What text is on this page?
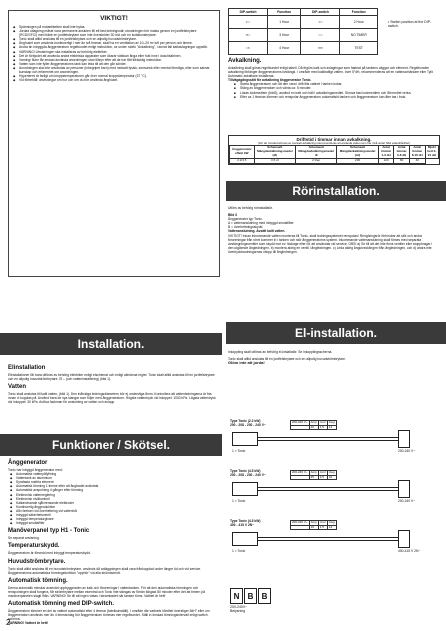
VIKTIGT!
◆ Spänningen på motaetiketten skall inte bytas.
◆ Jordad uttagning måste vara permanent ansluten till ett fast ledningsnät; utrustningen bör matas genom en jordfelsbrytare (RCD/GFCI) med både en jordfelsbrytare som inte överskrider 30 mA och en isolationsbrytare.
◆ Tonic skall alltid anslutas till en jordfelsbrytare och en allpolig huvudströmbrytare.
◆ Ånghuset som används kontinuerligt i mer än två timmar, skall ha en ventilation av 10–20 m³ luft per person och timme.
◆ Andra än inbyggda ånggeneratorn regelbundet enligt instruktion, se under rubrik "Avkalkning", i annat fall kalkavlagringar uppstår.
◆ VARNING! Utrustningen ska installeras av behörig elektriker.
◆ Det är förbjudet att använda andra elektriska apparater som ökarar vätskan ånga eller fukt inne i duschkabinen.
◆ Varning! Barn får endast använda anordningen utan tillsyn efter att de har fått tillräcklig instruktion.
◆ Vatten som inte fyller ånggeneratorns tank kan leda till att den går sönder.
◆ Anordningen ska inte användas av personer (inbegripet barn) med nedsatt fysisk, sensorisk eller mental förmåga, eller som saknar kunskap och erfarenhet om anordningen.
◆ Hypertermi är farligt om kroppstemperaturen går över normal kroppstemperatur (37 °C).
◆ Vid förbehåll: anvisningar om hur och om du bör använda ånghuset.
Installation.
Elinstallation

Elinstallationer får bara utföras av behörig elektriker enligt elschemat och enligt allmänna regler. Tonic skall alltid anslutas till en jordfelsbrytare och en allpolig huvudströmbrytare. El – (och vatteninstallering) (bild 1).

Vatten

Tonic skall anslutas till kallt vatten, (bild 1). Den inåtvidga ledningsdiametern bör ej understiga 8mm. Kontrollera att vattenledningarna är fria innan vi kopplas på. Använd bara de nya slangar som följer med ånggeneratorn. Högsta vattentryck vid inkoppel: 1000 kPa. Lägsta vattentryck vid inkoppel: 30 kPa. Avlöva fackman för anslutning av vatten och avlopp.

Funktioner / Skötsel.
Ånggenerator

Tonic har inbyggd ånggenerator med:

◆ Automatisk vattenpåfyllning
◆ Vattentank av aluminium
◆ Syrafasta rostfria element
◆ Automatisk tömning 1 timme efter att ångbadet avslutats
◆ Automatisk avspolning 4 gånger efter tömning
◆ Elektronisk vattenreglering
◆ Elektronisk nivåkontroll
◆ Kalkavvisande sjålvrensande elektroder
◆ Kontinuerlig ångproduktion
◆ Allt rörelsen vid överhettning vid vattenivå
◆ Inbyggd säkerhetsventil
◆ Inbyggd temperaturgivare
◆ Inbyggd smultafilter
Manöverpanel typ H1 - Tonic

Se separat anvisning.

Temperaturskydd.

Ånggeneratorn är försedd med inbyggt temperaturskydd.

Huvudströmbrytare.

Tonic skall alltid anslutas till en huvudströmbrytare, används då anläggningen skall vara frånkopplad under längre tid och vid service. Ånggeneratorns automatiska tömningsfunktion "upphör" vid alla strömavbrott.

Automatisk tömning.

Denna automatik minskar avsevärt uppbyggnaden av kalk och föroreningar i vattentanken. För att den automatiska tömningen och renspolningen skall fungera, får strömbrytare mellan elcentral och Tonic inte stängas av förrän tidigast 80 minuter efter det att timern på manöverpanelen slagit ifrån. VARNING! Se till att ingen vistas i steambadet när tanken töms. Vattnet är hett!

Automatisk tömning med DIP-switch.

Ånggeneratorn tömmer en del av vattnet automatiskt efter 4 timmar (fabriksinställt). I område där vattnets hårdhet överstiger 5dH° eller om ånggeneratorn används mer än 4 timmar/dag bör ånggeneratorn tömmas mer regelbundet. Ställ in önskad tömningsintervall enligt switch schema.

VARNING! Vattnet är hett!

2
DIP-switch	Function	DIP-switch	Function
▪▫▫▫	1 Hour	▫▪▫▫	2 Hour
▪▪▫▫	3 Hour	▫▫▫▫	NO TIMER
▫▫▪▫	4 Hour	▪▪▪▪	TEST
• Switch position at the DIP-switch.
Avkalkning.

Avkalkning skall göras regelbundet enligt tabell. Då frigörs kalk och avlagringar som fastnat på tankens väggar och element. Regelbunden avkalkning förlänger ånggeneratorns livslängd. I område med kalkhaltigt vatten, över 5°dH, rekommenderas att en vattenavhärdare eller Tylö Automatic avkalkare installeras.

Tillvägagångssätt för avkalkning ånggenerator Tonic.

■ Starta ånggeneratorn och låt den vara i drift tills vattnet i tanken kokar.
■ Stäng av ånggeneratorn och vänta ca: 5 minuter.
■ Lösas lockmedlem (bild2), använd en tratt och häll i avkalkningsmedlet. Skruva fast lockmedlem och låt medlet verka.
■ Efter ca 1 timmas tömmer och renspolar ånggeneratorn automatiskt tanken och ånggeneratorn kan åter tas i bruk.
Driftstid i timmar innan avkalkning.
(För att minska behovet av manuell avkalkning rekommenderas att använda vatten som har nivå under 5dH vattenhårdhet)
Ånggenerator effekt kW	Schemaett Mängdavkalkningsmedel (dl)	Schemaett Mängdavkalkningsmedel dl	Schemaett Mängdavkalkningsmedel (ml)	Antal timmar 1-3 dH	Antal timmar 3-8 dH	Antal timmar 8-16 dH	Mjukt hett 0-24 dH
2.2/4.5	0,5 dl	2 Rep	200	120	80	40	
Rörinstallation.

Utförs av behörig rörinstallatör.

Bild 3

Ånggenerator typ Tonic.

A = vattenanslutning med inbyggd smutsfilter.

B = överhettningsskydd.

Vattenanslutning. Avsätt kallt vatten.

VIKTIGT! Innan inkommande vatten monteras till Tonic, skall ledningssystemet renspolas! Rengöringsrör förhindrar att stöt och andra föroreningar från röret kommer in i tanken och stör ånggeneratorns system. Inkommande vattenanslutning skall förses med separata avstängningsventiler som skydd mot ev. läckage eller för att användas vid service. OBS! a) Se till att det inte finns ventiler eller stoppkragar i den utgående ångledningen. b) montera aldrig en ventil i ångledningen. c) Leda aldrig ångutvecklingen från ångledningen, och d) andra inte överhyckbautningarnas utlopp till ångledningen.

El-installation.

Inkoppling skall utföras av behörig el-installatör. Se inkopplingsscherna.

Tonic skall alltid anslutas till en jordfelsbrytare och en allpolig huvudströmbrytare.

Glöm inte att jorda!

Type Tonic (2.2 kW)
200 - 208 - 230 - 240 V~
1 = Tonic
200-240 V~	Amp	mm²	Awg
	10	1,5	14
200-240 V~
Type Tonic (4.5 kW)
200 - 208 - 230 - 240 V~
1 = Tonic
200-240 V~	Amp	mm²	Awg
	25	2,5	10
200-240 V~
Type Tonic (4.5 kW)
400 - 415 V 2N~
1 = Tonic
200-240 V~	Amp	mm²	Awg
	16	1,5	14
400-415 V 2N~
N	B	B
200-240V~
Belysning
